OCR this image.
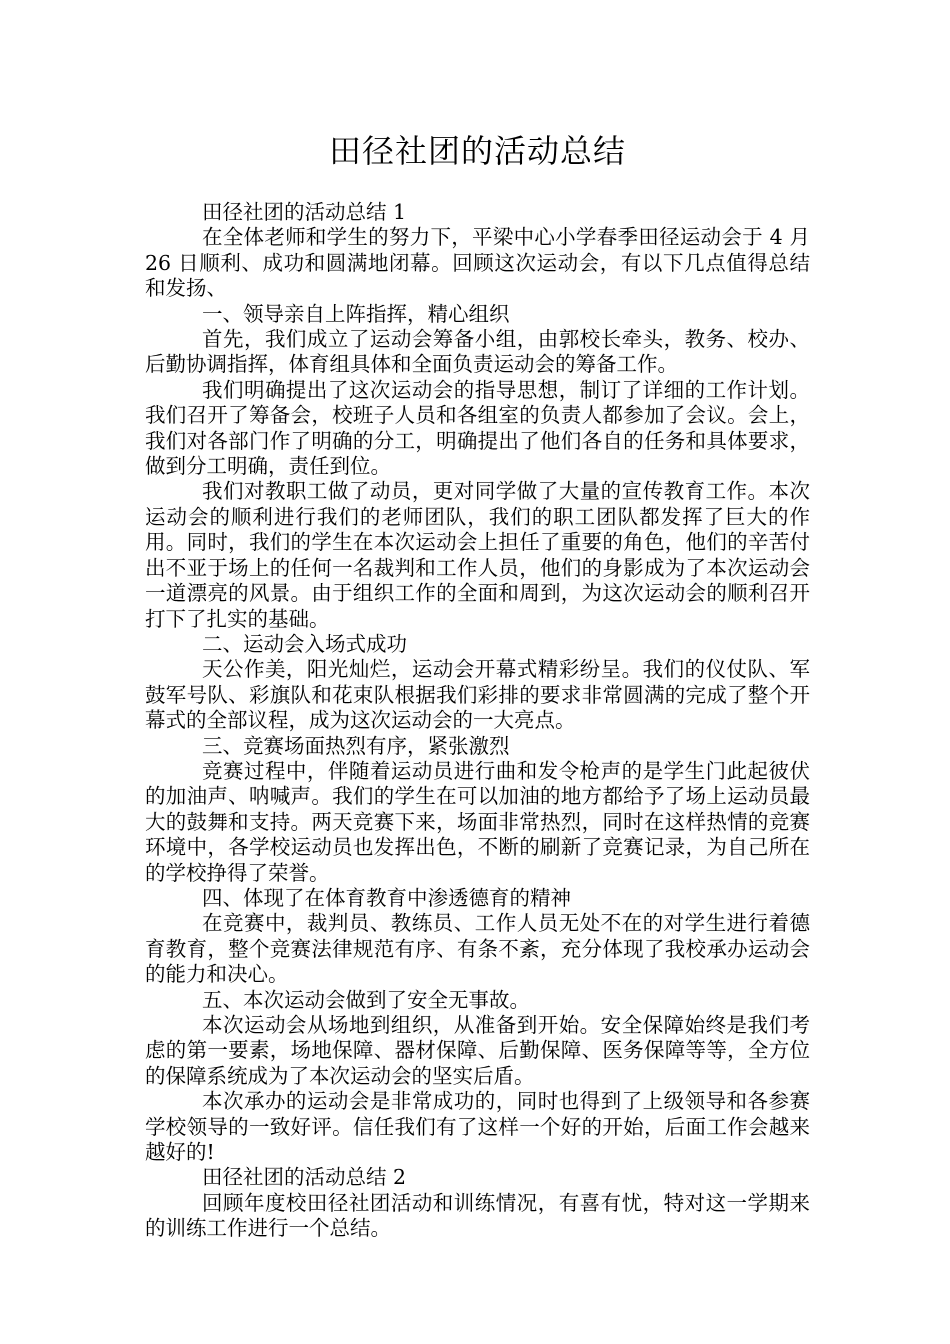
田径社团的活动总结

田径社团的活动总结 1

在全体老师和学生的努力下，平梁中心小学春季田径运动会于 4 月 26 日顺利、成功和圆满地闭幕。回顾这次运动会，有以下几点值得总结和发扬、

一、领导亲自上阵指挥，精心组织

首先，我们成立了运动会筹备小组，由郭校长牵头，教务、校办、后勤协调指挥，体育组具体和全面负责运动会的筹备工作。

我们明确提出了这次运动会的指导思想，制订了详细的工作计划。我们召开了筹备会，校班子人员和各组室的负责人都参加了会议。会上，我们对各部门作了明确的分工，明确提出了他们各自的任务和具体要求，做到分工明确，责任到位。

我们对教职工做了动员，更对同学做了大量的宣传教育工作。本次运动会的顺利进行我们的老师团队，我们的职工团队都发挥了巨大的作用。同时，我们的学生在本次运动会上担任了重要的角色，他们的辛苦付出不亚于场上的任何一名裁判和工作人员，他们的身影成为了本次运动会一道漂亮的风景。由于组织工作的全面和周到，为这次运动会的顺利召开打下了扎实的基础。

二、运动会入场式成功

天公作美，阳光灿烂，运动会开幕式精彩纷呈。我们的仪仗队、军鼓军号队、彩旗队和花束队根据我们彩排的要求非常圆满的完成了整个开幕式的全部议程，成为这次运动会的一大亮点。

三、竞赛场面热烈有序，紧张激烈

竞赛过程中，伴随着运动员进行曲和发令枪声的是学生门此起彼伏的加油声、呐喊声。我们的学生在可以加油的地方都给予了场上运动员最大的鼓舞和支持。两天竞赛下来，场面非常热烈，同时在这样热情的竞赛环境中，各学校运动员也发挥出色，不断的刷新了竞赛记录，为自己所在的学校挣得了荣誉。

四、体现了在体育教育中渗透德育的精神

在竞赛中，裁判员、教练员、工作人员无处不在的对学生进行着德育教育，整个竞赛法律规范有序、有条不紊，充分体现了我校承办运动会的能力和决心。

五、本次运动会做到了安全无事故。

本次运动会从场地到组织，从准备到开始。安全保障始终是我们考虑的第一要素，场地保障、器材保障、后勤保障、医务保障等等，全方位的保障系统成为了本次运动会的坚实后盾。

本次承办的运动会是非常成功的，同时也得到了上级领导和各参赛学校领导的一致好评。信任我们有了这样一个好的开始，后面工作会越来越好的!

田径社团的活动总结 2

回顾年度校田径社团活动和训练情况，有喜有忧，特对这一学期来的训练工作进行一个总结。
